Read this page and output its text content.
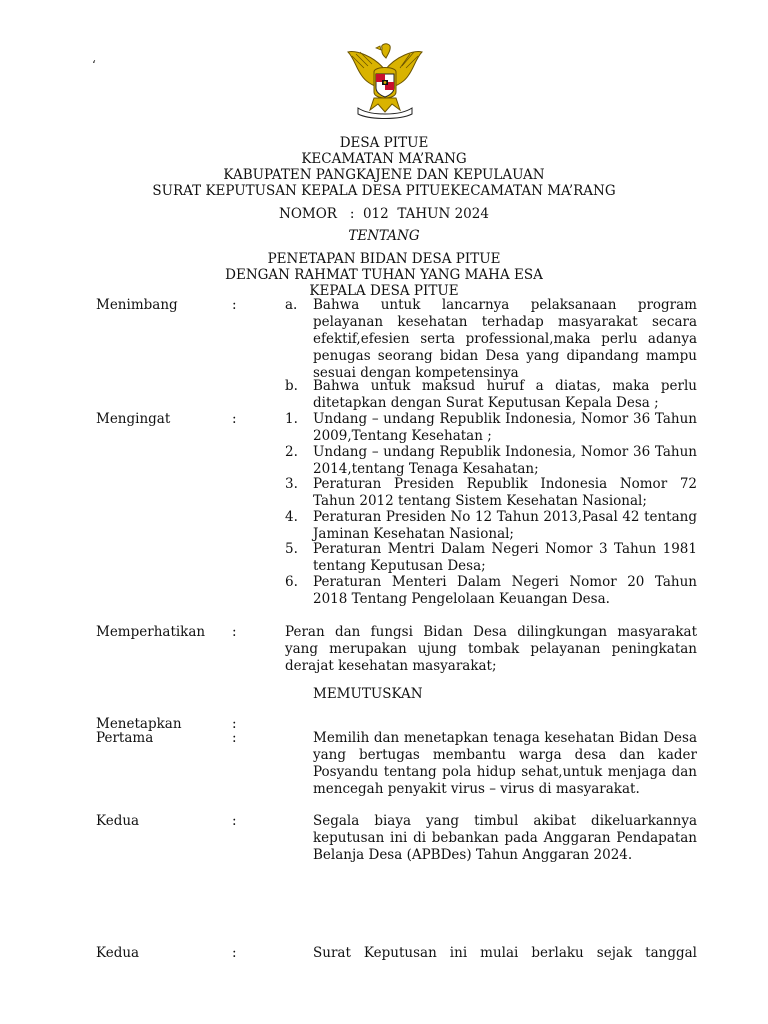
‘
DESA PITUE
KECAMATAN MA’RANG
KABUPATEN PANGKAJENE DAN KEPULAUAN
SURAT KEPUTUSAN KEPALA DESA PITUEKECAMATAN MA’RANG
NOMOR   :  012  TAHUN 2024
TENTANG
PENETAPAN BIDAN DESA PITUE
DENGAN RAHMAT TUHAN YANG MAHA ESA
KEPALA DESA PITUE
Menimbang	:	a. Bahwa untuk lancarnya pelaksanaan program pelayanan kesehatan terhadap masyarakat secara efektif,efesien serta professional,maka perlu adanya penugas seorang bidan Desa yang dipandang mampu sesuai dengan kompetensinya
b. Bahwa untuk maksud huruf a diatas, maka perlu ditetapkan dengan Surat Keputusan Kepala Desa ;
Mengingat	:	1. Undang – undang Republik Indonesia, Nomor 36 Tahun 2009,Tentang Kesehatan ;
2. Undang – undang Republik Indonesia, Nomor 36 Tahun 2014,tentang Tenaga Kesahatan;
3. Peraturan Presiden Republik Indonesia Nomor 72 Tahun 2012 tentang Sistem Kesehatan Nasional;
4. Peraturan Presiden No 12 Tahun 2013,Pasal 42 tentang Jaminan Kesehatan Nasional;
5. Peraturan Mentri Dalam Negeri Nomor 3 Tahun 1981 tentang Keputusan Desa;
6. Peraturan Menteri Dalam Negeri Nomor 20 Tahun 2018 Tentang Pengelolaan Keuangan Desa.
Memperhatikan :	Peran dan fungsi Bidan Desa dilingkungan masyarakat yang merupakan ujung tombak pelayanan peningkatan derajat kesehatan masyarakat;
MEMUTUSKAN
Menetapkan	:
Pertama	:	Memilih dan menetapkan tenaga kesehatan Bidan Desa yang bertugas membantu warga desa dan kader Posyandu tentang pola hidup sehat,untuk menjaga dan mencegah penyakit virus – virus di masyarakat.
Kedua	:	Segala biaya yang timbul akibat dikeluarkannya keputusan ini di bebankan pada Anggaran Pendapatan Belanja Desa (APBDes) Tahun Anggaran 2024.
Kedua	:	Surat Keputusan ini mulai berlaku sejak tanggal
